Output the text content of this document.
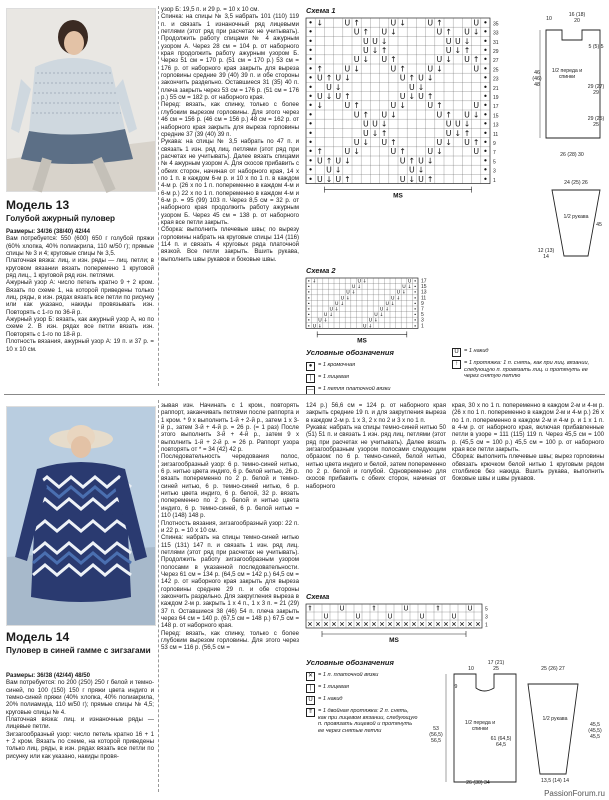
Модель 13
Голубой ажурный пуловер

Размеры: 34/36 (38/40) 42/44

Вам потребуется: 550 (600) 650 г голубой пряжи (60% хлопка, 40% полиакрила, 110 м/50 г); прямые спицы № 3 и 4; круговые спицы № 3,5.

Платочная вязка: лиц. и изн. ряды — лиц. петли; в круговом вязании вязать поперемено 1 круговой ряд лиц., 1 круговой ряд изн. петлями.

Ажурный узор А: число петель кратно 9 + 2 кром. Вязать по схеме 1, на которой приведены только лиц. ряды, в изн. рядах вязать все петли по рисунку или как указано, накиды провязывать изн. Повторять с 1-го по 36-й р.

Ажурный узор Б: вязать, как ажурный узор А, но по схеме 2. В изн. рядах все петли вязать изн. Повторять с 1-го по 18-й р.

Плотность вязания, ажурный узор А: 19 п. и 37 р. = 10 х 10 см.

узор Б: 19,5 п. и 29 р. = 10 х 10 см.

Спинка: на спицы № 3,5 набрать 101 (110) 119 п. и связать 1 изнаночный ряд лицевыми петлями (этот ряд при расчетах не учитывать). Продолжить работу спицами № 4 ажурным узором А. Через 28 см = 104 р. от наборного края продолжить работу ажурным узором Б. Через 51 см = 170 р. (51 см = 170 р.) 53 см = 176 р. от наборного края закрыть для выреза горловины средние 39 (40) 39 п. и обе стороны закончить раздельно. Оставшиеся 31 (35) 40 п. плеча закрыть через 53 см = 176 р. (51 см = 176 р.) 55 см = 182 р. от наборного края.

Перед: вязать, как спинку, только с более глубоким вырезом горловины. Для этого через 46 см = 156 р. (46 см = 156 р.) 48 см = 162 р. от наборного края закрыть для выреза горловины средние 37 (39 (40) 39 п.

Рукава: на спицы № 3,5 набрать по 47 п. и связать 1 изн. ряд лиц. петлями (этот ряд при расчетах не учитывать). Далее вязать спицами № 4 ажурным узором А. Для скосов прибавить с обеих сторон, начиная от наборного края, 14 х по 1 п. в каждом 6-м р. и 10 х по 1 п. в каждом 4-м р. (26 х по 1 п. попеременно в каждом 4-м и 6-м р.) 22 х по 1 п. попеременно в каждом 4-м и 6-м р. = 95 (99) 103 п. Через 8,5 см = 32 р. от наборного края продолжить работу ажурным узором Б. Через 45 см = 138 р. от наборного края все петли закрыть.

Сборка: выполнить плечевые швы; по вырезу горловины набрать на круговые спицы 114 (116) 114 п. и связать 4 круговых ряда платочной вязкой. Все петли закрыть. Вшить рукава, выполнить швы рукавов и боковые швы.

Схема 1
• ↓	U ↑	U ↓	U ↑	U • 35
•	U ↑ U ↓	U ↑ U ↓ • 33
•	U U ↓	U U ↓ • 31
•	U ↓ ↑	U ↓ ↑ • 29
•	U ↓ U ↑	U ↓ U ↑ • 27
• ↑	U ↓	U ↑	U ↓	U • 25
• U ↑ U ↓	U ↑ U ↓	• 23
• U ↓	U ↓	• 21
• U ↓ U ↑	U ↓ U ↑	• 19
• ↓	U ↑	U ↓	U ↑	U • 17
•	U ↑ U ↓	U ↑ U ↓ • 15
•	U U ↓	U U ↓ • 13
•	U ↓ ↑	U ↓ ↑ • 11
•	U ↓ U ↑	U ↓ U ↑ • 9
• ↑	U ↓	U ↑	U ↓	U • 7
• U ↑ U ↓	U ↑ U ↓	• 5
• U ↓	U ↓	• 3
• U ↓ U ↑	U ↓ U ↑	• 1
MS
Схема 2
• ↓	U ↓	U • 17
•	U ↓	U ↓ • 15
•	U ↓	U ↓ • 13
•	U ↓	U ↓	• 11
•	U ↓	U ↓	• 9
•	U ↓	U ↓	• 7
•	U ↓	U ↓	• 5
• U ↓	U ↓	• 3
• U ↓	U ↓	• 1
MS
Условные обозначения
●	= 1 кромочная
|	= 1 лицевая
— = 1 петля платочной вязки
U = 1 накид
↑	= 1 протяжка: 1 п. снять, как при лиц. вязании, следующую п. провязать лиц. и протянуть ее через снятую петлю
10
16 (18) 20
46 (46) 48
1/2 переда и спинки
29 (27) 29
5 (5) 5
29 (25) 25
26 (28) 30
24 (25) 26
1/2 рукава
45
12 (13) 14
Модель 14
Пуловер в синей гамме с зигзагами

Размеры: 36/38 (42/44) 48/50

Вам потребуется: по 200 (250) 250 г белой и темно-синей, по 100 (150) 150 г пряжи цвета индиго и темно-синей пряжи (40% хлопка, 40% полиакрила, 20% полиамида, 110 м/50 г); прямые спицы № 4,5; круговые спицы № 4.

Платочная вязка: лиц. и изнаночные ряды — лицевые петли.

Зигзагообразный узор: число петель кратно 16 + 1 + 2 кром. Вязать по схеме, на которой приведены только лиц. ряды, в изн. рядах вязать все петли по рисунку или как указано, накиды провя-

зывая изн. Начинать с 1 кром., повторять раппорт, заканчивать петлями после раппорта и 1 кром. * 9 х выполнить 1-й + 2-й р., затем 1 х 3-й р., затем 3-й + 4-й р. = 26 р. (= 1 раз) После этого выполнить 3-й + 4-й р., затем 9 х выполнить 1-й + 2-й р. = 26 р. Раппорт узора повторять от * = 34 (42) 42 р.

Последовательность чередования полос, зигзагообразный узор: 6 р. темно-синей нитью, 6 р. нитью цвета индиго, 6 р. белой нитью, 26 р. вязать попеременно по 2 р. белой и темно-синей нитью, 6 р. темно-синей нитью, 6 р. нитью цвета индиго, 6 р. белой, 32 р. вязать попеременно по 2 р. белой и нитью цвета индиго, 6 р. темно-синей, 6 р. белой нитью = 110 (148) 148 р.

Плотность вязания, зигзагообразный узор: 22 п. и 22 р. = 10 х 10 см.

Спинка: набрать на спицы темно-синей нитью 115 (131) 147 п. и связать 1 изн. ряд лиц. петлями (этот ряд при расчетах не учитывать). Продолжить работу зигзагообразным узором полосами в указанной последовательности. Через 61 см = 134 р. (64,5 см = 142 р.) 64,5 см = 142 р. от наборного края закрыть для выреза горловины средние 29 п. и обе стороны закончить раздельно. Для закругления выреза в каждом 2-м р. закрыть 1 х 4 п., 1 х 3 п. = 21 (29) 37 п. Оставшиеся 38 (46) 54 п. плеча закрыть через 64 см = 140 р. (67,5 см = 148 р.) 67,5 см = 148 р. от наборного края.

Перед: вязать, как спинку, только с более глубоким вырезом горловины. Для этого через 53 см = 116 р. (56,5 см =

124 р.) 56,6 см = 124 р. от наборного края закрыть средние 19 п. и для закругления выреза в каждом 2-м р. 1 х 3, 2 х по 2 и 3 х по 1 п.

Рукава: набрать на спицы темно-синей нитью 50 (51) 51 п. и связать 1 изн. ряд лиц. петлями (этот ряд при расчетах не учитывать). Далее вязать зигзагообразным узором полосами следующим образом: по 6 р. темно-синей, белой нитью, нитью цвета индиго и белой, затем попеременно по 2 р. белой и голубой. Одновременно для скосов прибавить с обеих сторон, начиная от наборного

края, 30 х по 1 п. попеременно в каждом 2-м и 4-м р. (26 х по 1 п. попеременно в каждом 2-м и 4-м р.) 26 х по 1 п. попеременно в каждом 2-м и 4-м р. и 1 х 1 п. в 4-м р. от наборного края, включая прибавленные петли в узоре = 111 (115) 119 п. Через 45,5 см = 100 р. (45,5 см = 100 р.) 45,5 см = 100 р. от наборного края все петли закрыть.

Сборка: выполнить плечевые швы; вырез горловины обвязать крючком белой нитью 1 круговым рядом столбиков без накида. Вшить рукава, выполнить боковые швы и швы рукавов.

Схема
⇑	U	⇑	U	⇑	U	5
U	U	U	U	U	3
✕ ✕ ✕ ✕ ✕ ✕ ✕ ✕ ✕ ✕ ✕ ✕ ✕ ✕ ✕ ✕ ✕ ✕ ✕ ✕ ✕ ✕ 1
MS
Условные обозначения
✕ = 1 п. платочной вязки
|	= 1 лицевая
U = 1 накид
⇑ = 1 двойная протяжка: 2 п. снять, как при лицевом вязании, следующую п. провязать лицевой и протянуть ее через снятые петли
17 (21) 25
10
9
53 (56,5) 56,5
1/2 переда и спинки
61 (64,5) 64,5
26 (30) 34
25 (26) 27
1/2 рукава
45,5 (45,5) 45,5
13,5 (14) 14
PassionForum.ru
